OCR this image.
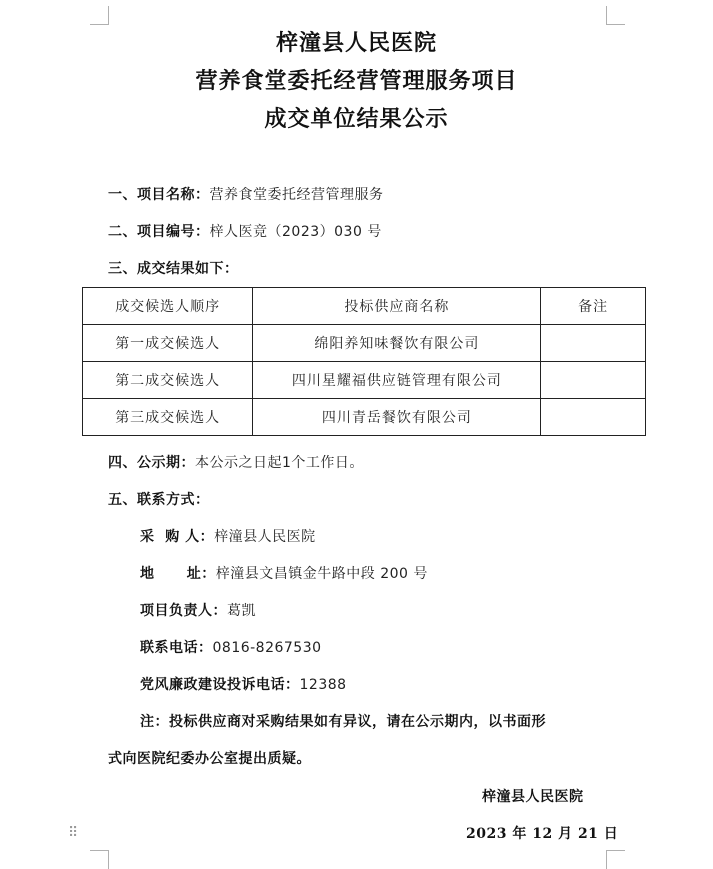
梓潼县人民医院
营养食堂委托经营管理服务项目
成交单位结果公示
一、项目名称：营养食堂委托经营管理服务
二、项目编号：梓人医竞（2023）030 号
三、成交结果如下：
成交候选人顺序	投标供应商名称	备注
第一成交候选人	绵阳养知味餐饮有限公司	
第二成交候选人	四川星耀福供应链管理有限公司	
第三成交候选人	四川青岳餐饮有限公司	
四、公示期：本公示之日起1个工作日。
五、联系方式：
采  购 人：梓潼县人民医院
地      址：梓潼县文昌镇金牛路中段 200 号
项目负责人：葛凯
联系电话：0816-8267530
党风廉政建设投诉电话：12388
注：投标供应商对采购结果如有异议，请在公示期内，以书面形
式向医院纪委办公室提出质疑。
梓潼县人民医院
2023 年 12 月 21 日
⠿
